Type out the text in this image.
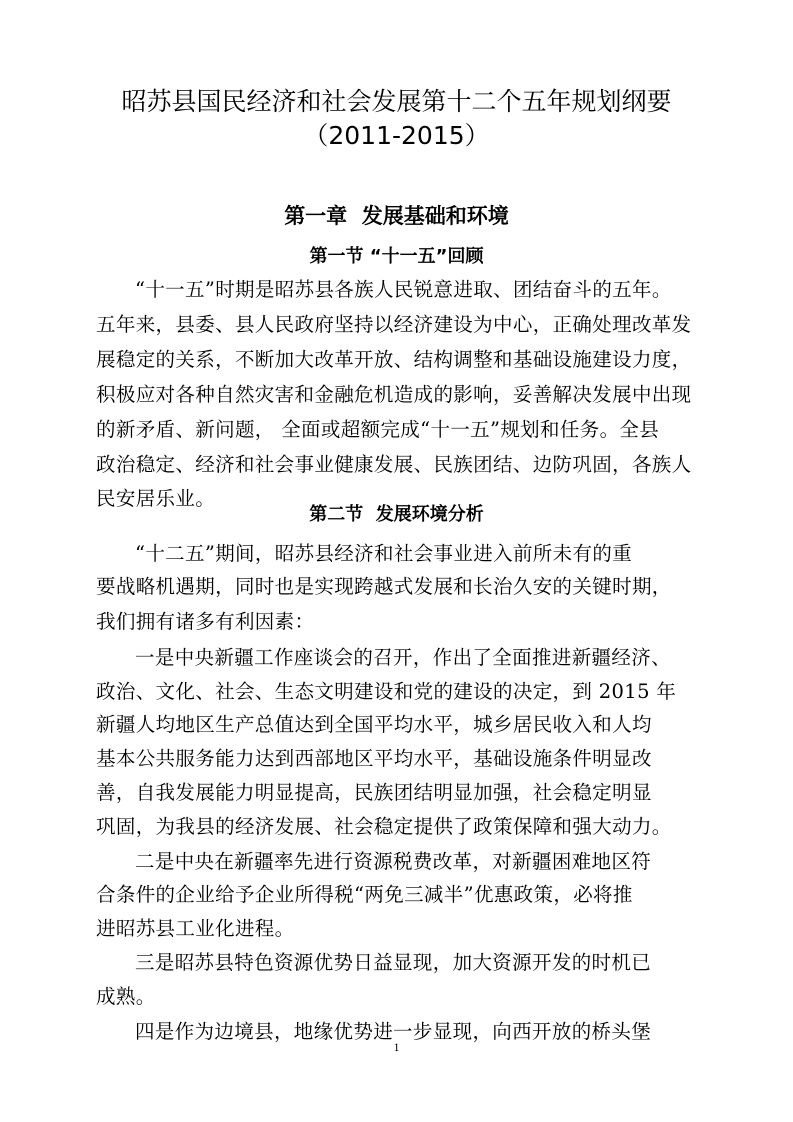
昭苏县国民经济和社会发展第十二个五年规划纲要
（2011-2015）
第一章  发展基础和环境
第一节 “十一五”回顾
“十一五”时期是昭苏县各族人民锐意进取、团结奋斗的五年。
五年来，县委、县人民政府坚持以经济建设为中心，正确处理改革发
展稳定的关系，不断加大改革开放、结构调整和基础设施建设力度，
积极应对各种自然灾害和金融危机造成的影响，妥善解决发展中出现
的新矛盾、新问题， 全面或超额完成“十一五”规划和任务。全县
政治稳定、经济和社会事业健康发展、民族团结、边防巩固，各族人
民安居乐业。
第二节  发展环境分析
“十二五”期间，昭苏县经济和社会事业进入前所未有的重
要战略机遇期，同时也是实现跨越式发展和长治久安的关键时期，
我们拥有诸多有利因素：
一是中央新疆工作座谈会的召开，作出了全面推进新疆经济、
政治、文化、社会、生态文明建设和党的建设的决定，到 2015 年
新疆人均地区生产总值达到全国平均水平，城乡居民收入和人均
基本公共服务能力达到西部地区平均水平，基础设施条件明显改
善，自我发展能力明显提高，民族团结明显加强，社会稳定明显
巩固，为我县的经济发展、社会稳定提供了政策保障和强大动力。
二是中央在新疆率先进行资源税费改革，对新疆困难地区符
合条件的企业给予企业所得税“两免三减半”优惠政策，必将推
进昭苏县工业化进程。
三是昭苏县特色资源优势日益显现，加大资源开发的时机已
成熟。
四是作为边境县，地缘优势进一步显现，向西开放的桥头堡
1
